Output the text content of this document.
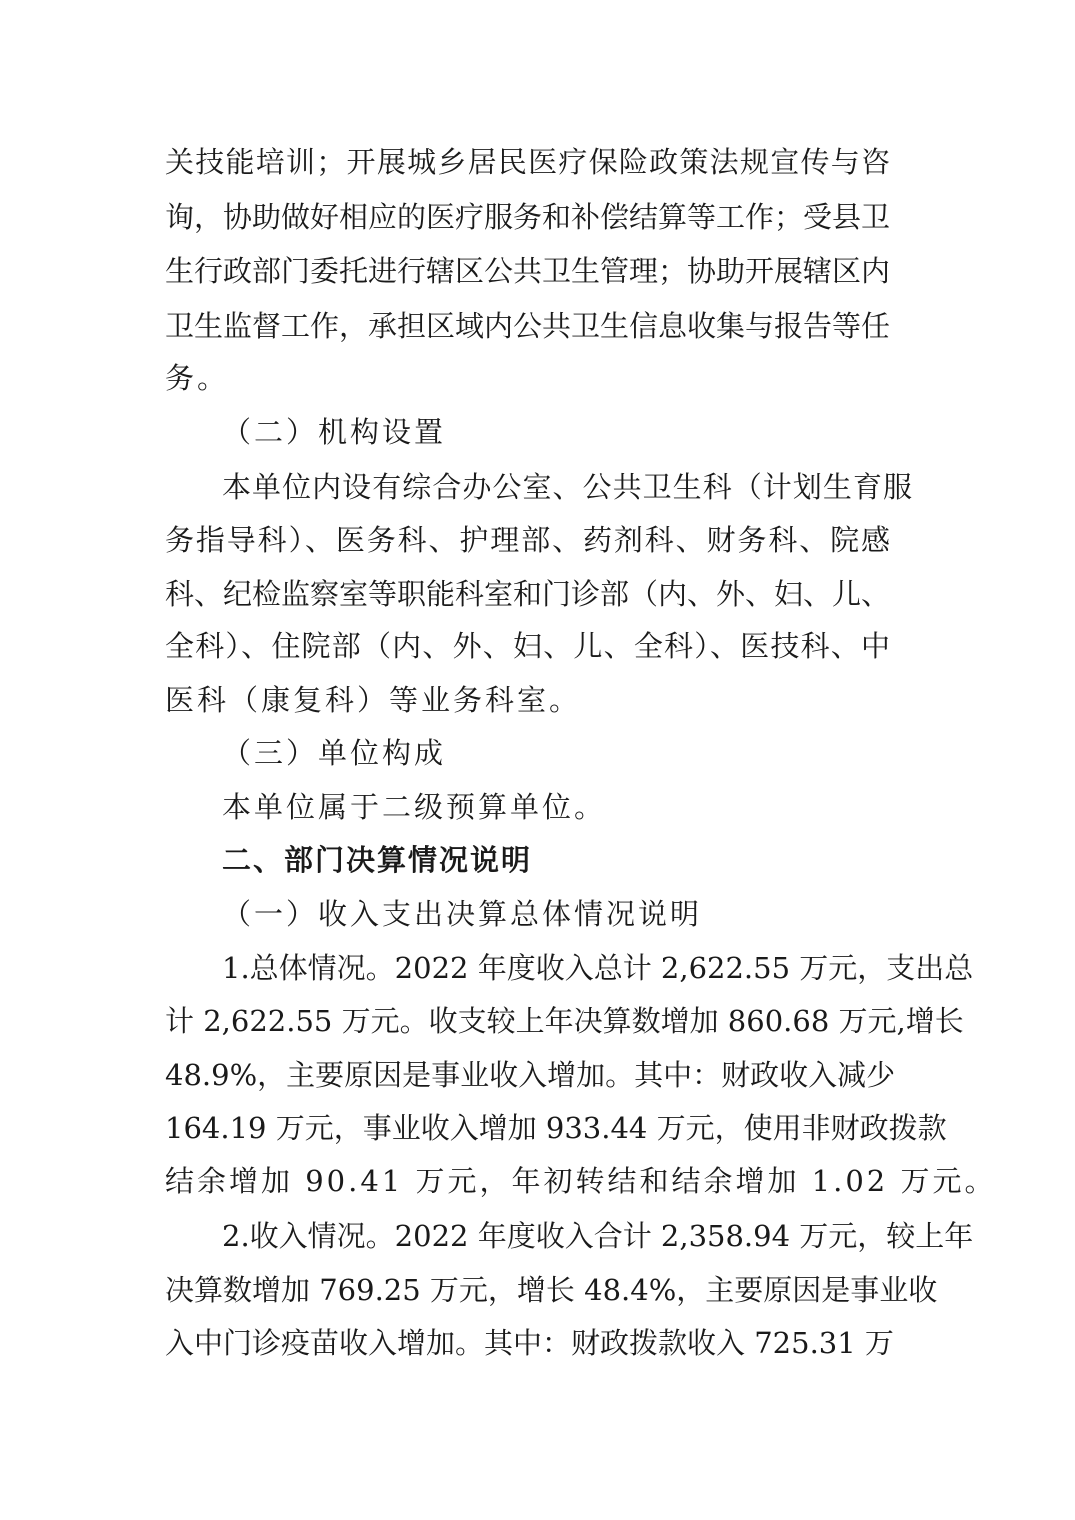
关技能培训；开展城乡居民医疗保险政策法规宣传与咨
询，协助做好相应的医疗服务和补偿结算等工作；受县卫
生行政部门委托进行辖区公共卫生管理；协助开展辖区内
卫生监督工作，承担区域内公共卫生信息收集与报告等任
务。
（二）机构设置
本单位内设有综合办公室、公共卫生科（计划生育服
务指导科）、医务科、护理部、药剂科、财务科、院感
科、纪检监察室等职能科室和门诊部（内、外、妇、儿、
全科）、住院部（内、外、妇、儿、全科）、医技科、中
医科（康复科）等业务科室。
（三）单位构成
本单位属于二级预算单位。
二、部门决算情况说明
（一）收入支出决算总体情况说明
1.总体情况。2022 年度收入总计 2,622.55 万元，支出总
计 2,622.55 万元。收支较上年决算数增加 860.68 万元,增长
48.9%，主要原因是事业收入增加。其中：财政收入减少
164.19 万元，事业收入增加 933.44 万元，使用非财政拨款
结余增加 90.41 万元，年初转结和结余增加 1.02 万元。
2.收入情况。2022 年度收入合计 2,358.94 万元，较上年
决算数增加 769.25 万元，增长 48.4%，主要原因是事业收
入中门诊疫苗收入增加。其中：财政拨款收入 725.31 万
